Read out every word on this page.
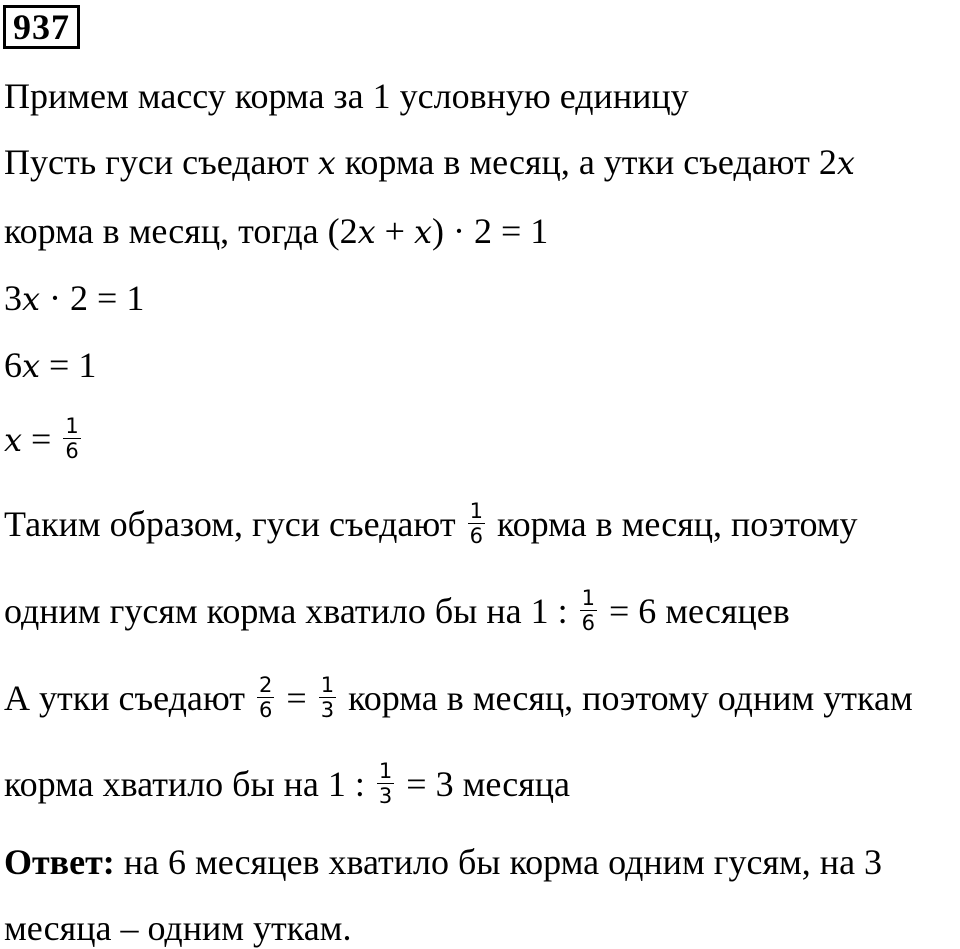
937
Примем массу корма за 1 условную единицу
Пусть гуси съедают x корма в месяц, а утки съедают 2x
корма в месяц, тогда (2x + x) · 2 = 1
3x · 2 = 1
6x = 1
$x = \frac{1}{6}$
Таким образом, гуси съедают $\frac{1}{6}$ корма в месяц, поэтому
одним гусям корма хватило бы на 1 : $\frac{1}{6} = 6$ месяцев
А утки съедают $\frac{2}{6} = \frac{1}{3}$ корма в месяц, поэтому одним уткам
корма хватило бы на 1 : $\frac{1}{3} = 3$ месяца
Ответ: на 6 месяцев хватило бы корма одним гусям, на 3
месяца – одним уткам.
